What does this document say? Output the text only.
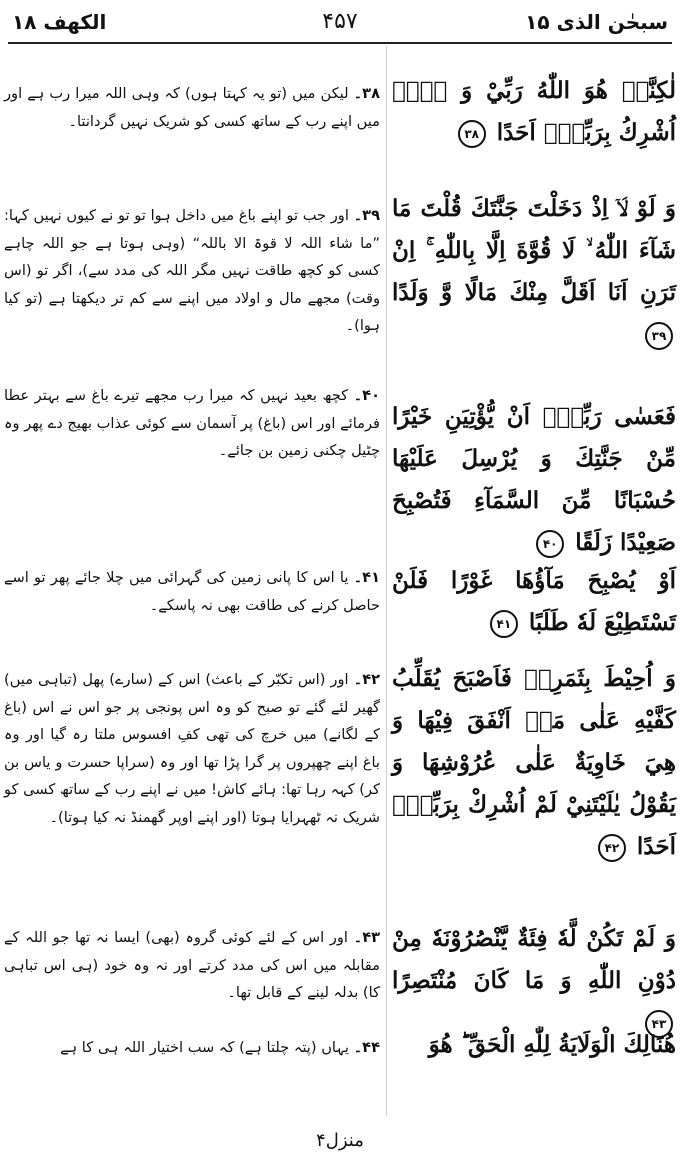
الکھف ۱۸	۴۵۷	سبحٰن الذی ۱۵
۳۸۔ لیکن میں (تو یہ کہتا ہوں) کہ وہی اللہ میرا رب ہے اور میں اپنے رب کے ساتھ کسی کو شریک نہیں گردانتا۔
۳۹۔ اور جب تو اپنے باغ میں داخل ہوا تو تو نے کیوں نہیں کہا: ”ما شاء اللہ لا قوۃ الا باللہ“ (وہی ہوتا ہے جو اللہ چاہے کسی کو کچھ طاقت نہیں مگر اللہ کی مدد سے)، اگر تو (اس وقت) مجھے مال و اولاد میں اپنے سے کم تر دیکھتا ہے (تو کیا ہوا)۔
۴۰۔ کچھ بعید نہیں کہ میرا رب مجھے تیرے باغ سے بہتر عطا فرمائے اور اس (باغ) پر آسمان سے کوئی عذاب بھیج دے پھر وہ چٹیل چکنی زمین بن جائے۔
۴۱۔ یا اس کا پانی زمین کی گہرائی میں چلا جائے پھر تو اسے حاصل کرنے کی طاقت بھی نہ پاسکے۔
۴۲۔ اور (اس تکبّر کے باعث) اس کے (سارے) پھل (تباہی میں) گھیر لئے گئے تو صبح کو وہ اس پونجی پر جو اس نے اس (باغ کے لگانے) میں خرچ کی تھی کفِ افسوس ملتا رہ گیا اور وہ باغ اپنے چھپروں پر گرا پڑا تھا اور وہ (سراپا حسرت و یاس بن کر) کہہ رہا تھا: ہائے کاش! میں نے اپنے رب کے ساتھ کسی کو شریک نہ ٹھہرایا ہوتا (اور اپنے اوپر گھمنڈ نہ کیا ہوتا)۔
۴۳۔ اور اس کے لئے کوئی گروہ (بھی) ایسا نہ تھا جو اللہ کے مقابلہ میں اس کی مدد کرتے اور نہ وہ خود (ہی اس تباہی کا) بدلہ لینے کے قابل تھا۔
۴۴۔ یہاں (پتہ چلتا ہے) کہ سب اختیار اللہ ہی کا ہے
لٰكِنَّا۟ هُوَ اللّٰهُ رَبِّيْ وَ لَاۤ اُشْرِكُ بِرَبِّيْۤ اَحَدًا ۳۸
وَ لَوْ لَاۤ اِذْ دَخَلْتَ جَنَّتَكَ قُلْتَ مَا شَآءَ اللّٰهُ ۙ لَا قُوَّةَ اِلَّا بِاللّٰهِ ۚ اِنْ تَرَنِ اَنَا اَقَلَّ مِنْكَ مَالًا وَّ وَلَدًا ۳۹
فَعَسٰى رَبِّيْۤ اَنْ يُّؤْتِيَنِ خَيْرًا مِّنْ جَنَّتِكَ وَ يُرْسِلَ عَلَيْهَا حُسْبَانًا مِّنَ السَّمَآءِ فَتُصْبِحَ صَعِيْدًا زَلَقًا ۴۰
اَوْ يُصْبِحَ مَآؤُهَا غَوْرًا فَلَنْ تَسْتَطِيْعَ لَهٗ طَلَبًا ۴۱
وَ اُحِيْطَ بِثَمَرِهٖ فَاَصْبَحَ يُقَلِّبُ كَفَّيْهِ عَلٰى مَاۤ اَنْفَقَ فِيْهَا وَ هِيَ خَاوِيَةٌ عَلٰى عُرُوْشِهَا وَ يَقُوْلُ يٰلَيْتَنِيْ لَمْ اُشْرِكْ بِرَبِّيْۤ اَحَدًا ۴۲
وَ لَمْ تَكُنْ لَّهٗ فِئَةٌ يَّنْصُرُوْنَهٗ مِنْ دُوْنِ اللّٰهِ وَ مَا كَانَ مُنْتَصِرًا ۴۳
هُنَالِكَ الْوَلَايَةُ لِلّٰهِ الْحَقِّ ؕ هُوَ
منزل۴
